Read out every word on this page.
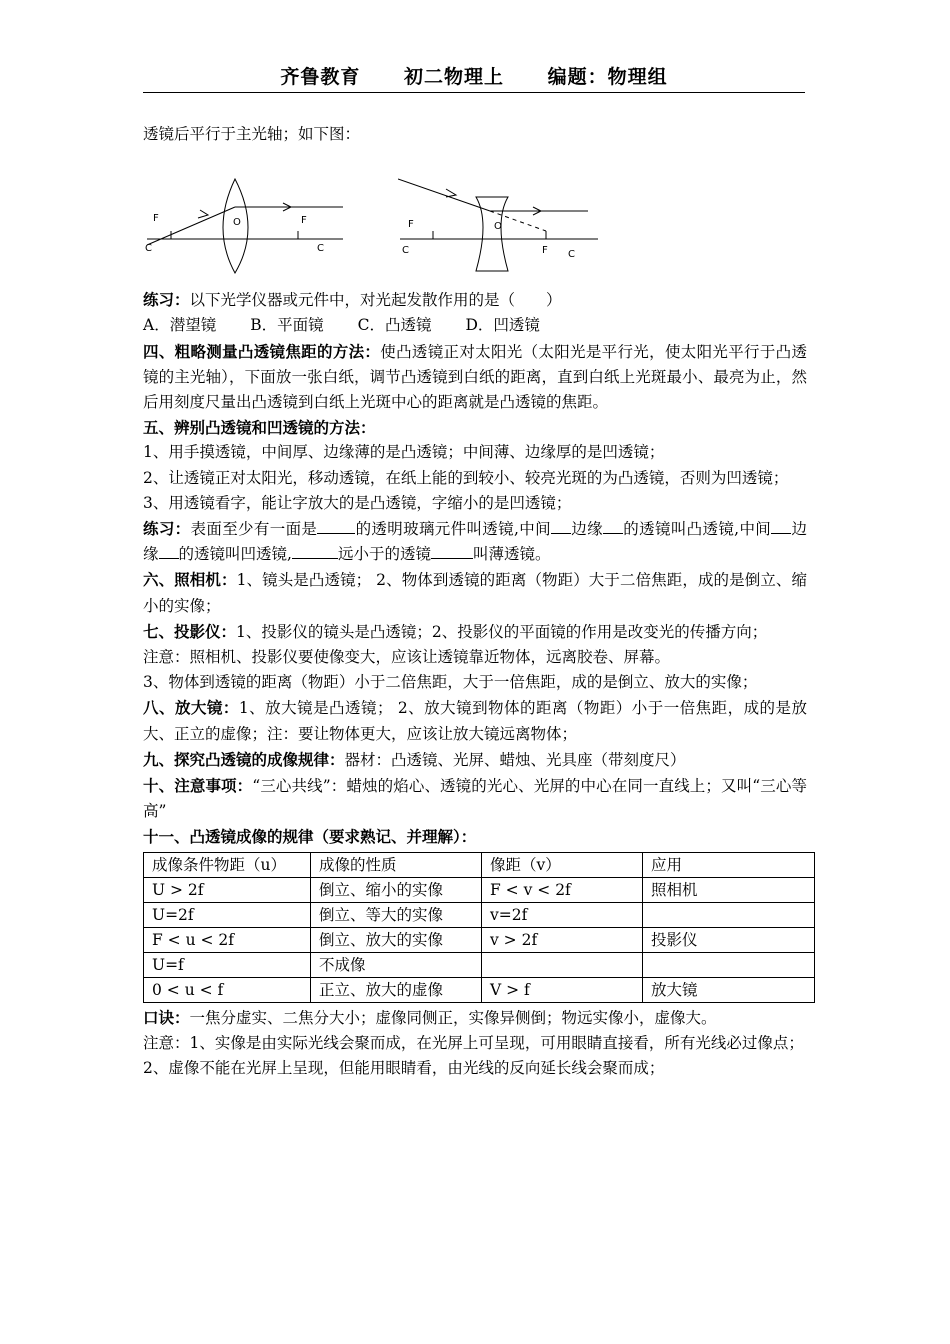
齐鲁教育 初二物理上 编题：物理组

透镜后平行于主光轴；如下图：

F
C
O	F
C
F
C
O
F C

练习：以下光学仪器或元件中，对光起发散作用的是（　　）

A．潜望镜 B．平面镜 C．凸透镜 D．凹透镜

四、粗略测量凸透镜焦距的方法：使凸透镜正对太阳光（太阳光是平行光，使太阳光平行于凸透镜的主光轴），下面放一张白纸，调节凸透镜到白纸的距离，直到白纸上光斑最小、最亮为止，然后用刻度尺量出凸透镜到白纸上光斑中心的距离就是凸透镜的焦距。

五、辨别凸透镜和凹透镜的方法：

1、用手摸透镜，中间厚、边缘薄的是凸透镜；中间薄、边缘厚的是凹透镜；

2、让透镜正对太阳光，移动透镜，在纸上能的到较小、较亮光斑的为凸透镜，否则为凹透镜；

3、用透镜看字，能让字放大的是凸透镜，字缩小的是凹透镜；

练习：表面至少有一面是 的透明玻璃元件叫透镜,中间 边缘 的透镜叫凸透镜,中间 边缘 的透镜叫凹透镜,	远小于的透镜	叫薄透镜。

六、照相机：1、镜头是凸透镜； 2、物体到透镜的距离（物距）大于二倍焦距，成的是倒立、缩小的实像；

七、投影仪：1、投影仪的镜头是凸透镜；2、投影仪的平面镜的作用是改变光的传播方向；

注意：照相机、投影仪要使像变大，应该让透镜靠近物体，远离胶卷、屏幕。

3、物体到透镜的距离（物距）小于二倍焦距，大于一倍焦距，成的是倒立、放大的实像；

八、放大镜：1、放大镜是凸透镜； 2、放大镜到物体的距离（物距）小于一倍焦距，成的是放大、正立的虚像；注：要让物体更大，应该让放大镜远离物体；

九、探究凸透镜的成像规律：器材：凸透镜、光屏、蜡烛、光具座（带刻度尺）

十、注意事项：“三心共线”：蜡烛的焰心、透镜的光心、光屏的中心在同一直线上；又叫“三心等高”

十一、凸透镜成像的规律（要求熟记、并理解）：

成像条件物距（u）	成像的性质	像距（v）	应用
U > 2f	倒立、缩小的实像	F < v < 2f	照相机
U=2f	倒立、等大的实像	v=2f	
F < u < 2f	倒立、放大的实像	v > 2f	投影仪
U=f	不成像		
0 < u < f	正立、放大的虚像	V > f	放大镜

口诀：一焦分虚实、二焦分大小；虚像同侧正，实像异侧倒；物远实像小，虚像大。

注意：1、实像是由实际光线会聚而成，在光屏上可呈现，可用眼睛直接看，所有光线必过像点；

2、虚像不能在光屏上呈现，但能用眼睛看，由光线的反向延长线会聚而成；
